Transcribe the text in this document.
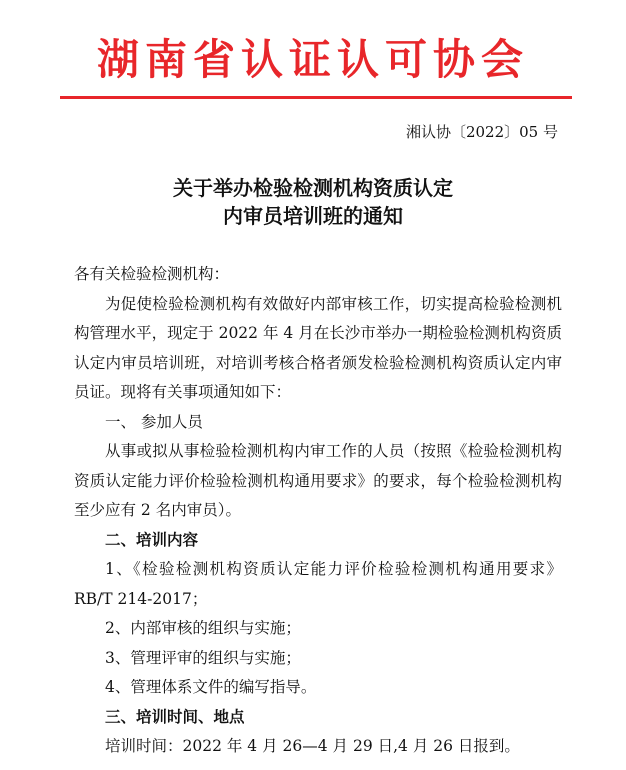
湖南省认证认可协会
湘认协〔2022〕05 号
关于举办检验检测机构资质认定
内审员培训班的通知

各有关检验检测机构：

为促使检验检测机构有效做好内部审核工作，切实提高检验检测机构管理水平，现定于 2022 年 4 月在长沙市举办一期检验检测机构资质认定内审员培训班，对培训考核合格者颁发检验检测机构资质认定内审员证。现将有关事项通知如下：

一、 参加人员

从事或拟从事检验检测机构内审工作的人员（按照《检验检测机构资质认定能力评价检验检测机构通用要求》的要求，每个检验检测机构至少应有 2 名内审员）。

二、培训内容

1、《检验检测机构资质认定能力评价检验检测机构通用要求》RB/T 214-2017；

2、内部审核的组织与实施；

3、管理评审的组织与实施；

4、管理体系文件的编写指导。

三、培训时间、地点

培训时间：2022 年 4 月 26—4 月 29 日,4 月 26 日报到。
